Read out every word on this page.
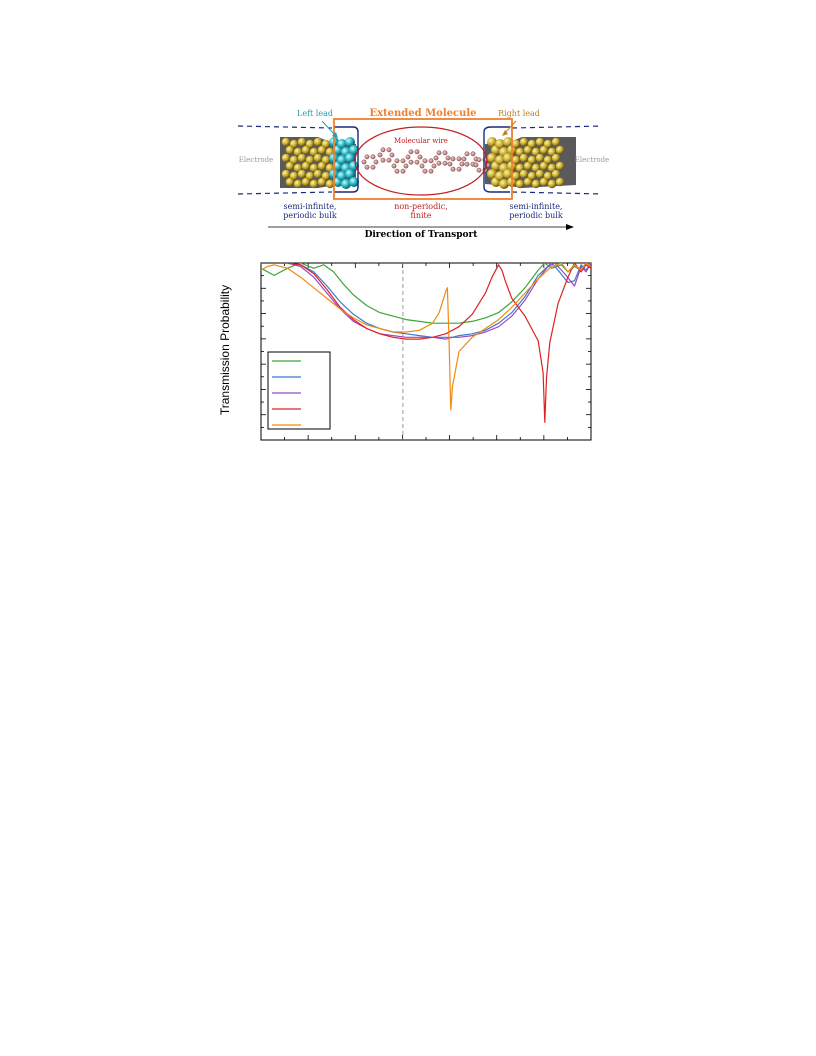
Left lead	Right lead
Extended Molecule
Molecular wire
Electrode	Electrode
semi-infinite,
periodic bulk
non-periodic,
finite
semi-infinite,
periodic bulk
Direction of Transport
Transmission Probability
